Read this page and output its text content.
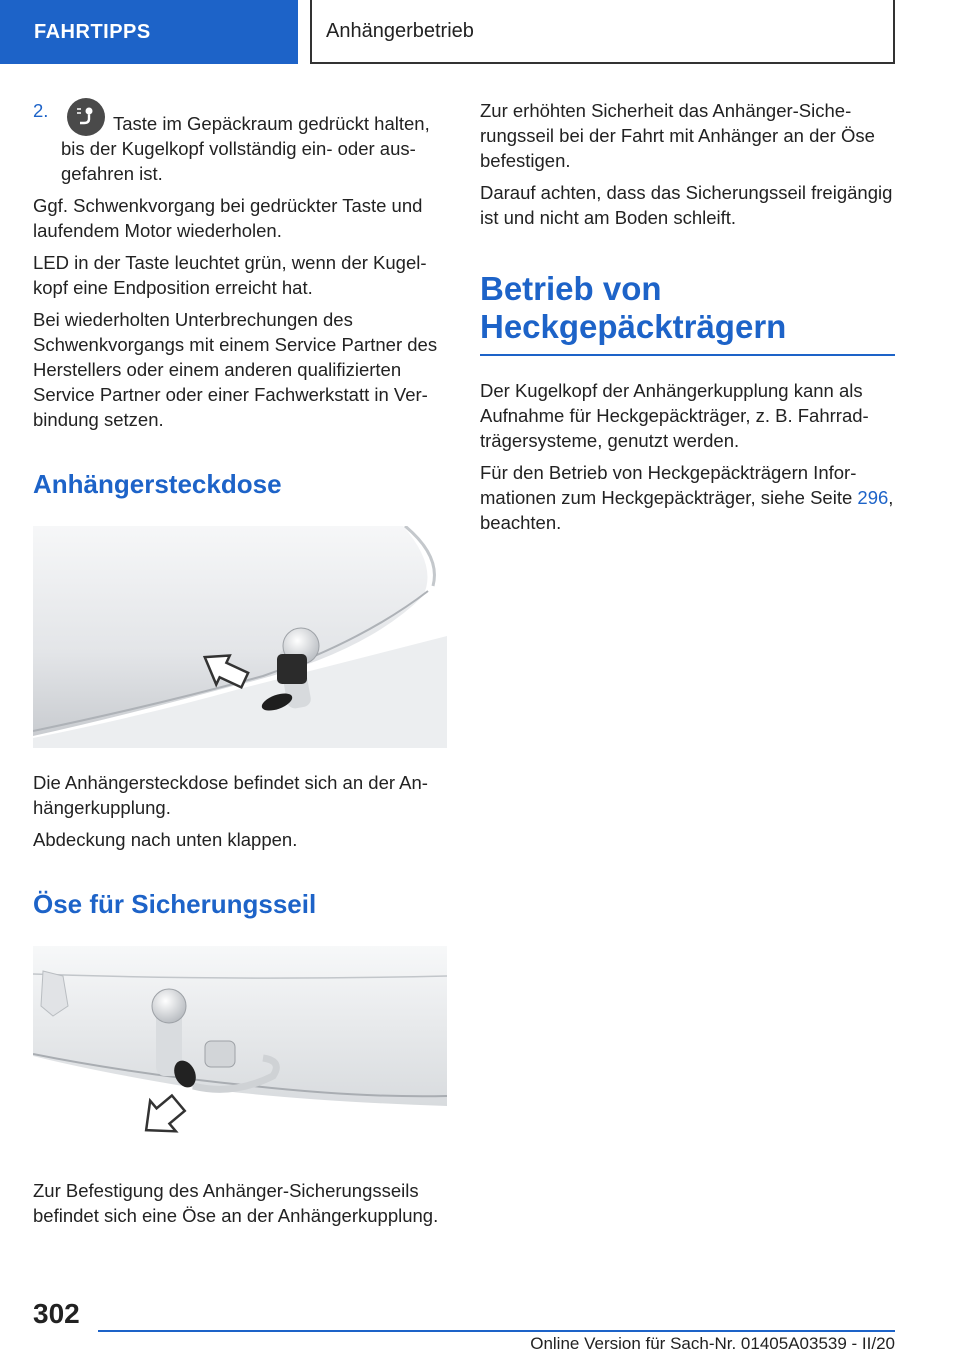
FAHRTIPPS	Anhängerbetrieb
2.
Taste im Gepäckraum gedrückt halten, bis der Kugelkopf vollständig ein- oder ausgefahren ist.

Ggf. Schwenkvorgang bei gedrückter Taste und laufendem Motor wiederholen.

LED in der Taste leuchtet grün, wenn der Kugelkopf eine Endposition erreicht hat.

Bei wiederholten Unterbrechungen des Schwenkvorgangs mit einem Service Partner des Herstellers oder einem anderen qualifizierten Service Partner oder einer Fachwerkstatt in Verbindung setzen.

Anhängersteckdose

Die Anhängersteckdose befindet sich an der Anhängerkupplung.

Abdeckung nach unten klappen.

Öse für Sicherungsseil

Zur Befestigung des Anhänger-Sicherungsseils befindet sich eine Öse an der Anhängerkupplung.

Zur erhöhten Sicherheit das Anhänger-Sicherungsseil bei der Fahrt mit Anhänger an der Öse befestigen.

Darauf achten, dass das Sicherungsseil freigängig ist und nicht am Boden schleift.

Betrieb von Heckgepäckträgern

Der Kugelkopf der Anhängerkupplung kann als Aufnahme für Heckgepäckträger, z. B. Fahrradträgersysteme, genutzt werden.

Für den Betrieb von Heckgepäckträgern Informationen zum Heckgepäckträger, siehe Seite 296, beachten.

302
Online Version für Sach-Nr. 01405A03539 - II/20
